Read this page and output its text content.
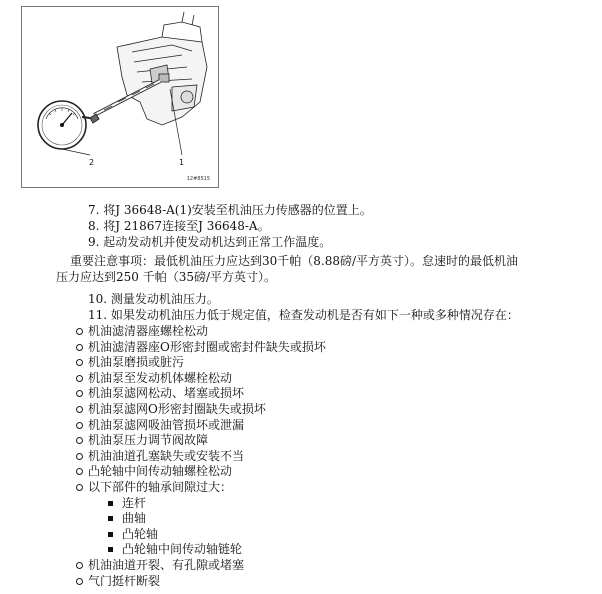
1
2
12#8515
7. 将J 36648-A(1)安装至机油压力传感器的位置上。
8. 将J 21867连接至J 36648-A。
9. 起动发动机并使发动机达到正常工作温度。
重要注意事项：最低机油压力应达到30千帕（8.88磅/平方英寸）。怠速时的最低机油
压力应达到250 千帕（35磅/平方英寸）。
10. 测量发动机油压力。
11. 如果发动机油压力低于规定值，检查发动机是否有如下一种或多种情况存在：
机油滤清器座螺栓松动
机油滤清器座O形密封圈或密封件缺失或损坏
机油泵磨损或脏污
机油泵至发动机体螺栓松动
机油泵滤网松动、堵塞或损坏
机油泵滤网O形密封圈缺失或损坏
机油泵滤网吸油管损坏或泄漏
机油泵压力调节阀故障
机油油道孔塞缺失或安装不当
凸轮轴中间传动轴螺栓松动
以下部件的轴承间隙过大：
连杆
曲轴
凸轮轴
凸轮轴中间传动轴链轮
机油油道开裂、有孔隙或堵塞
气门挺杆断裂
